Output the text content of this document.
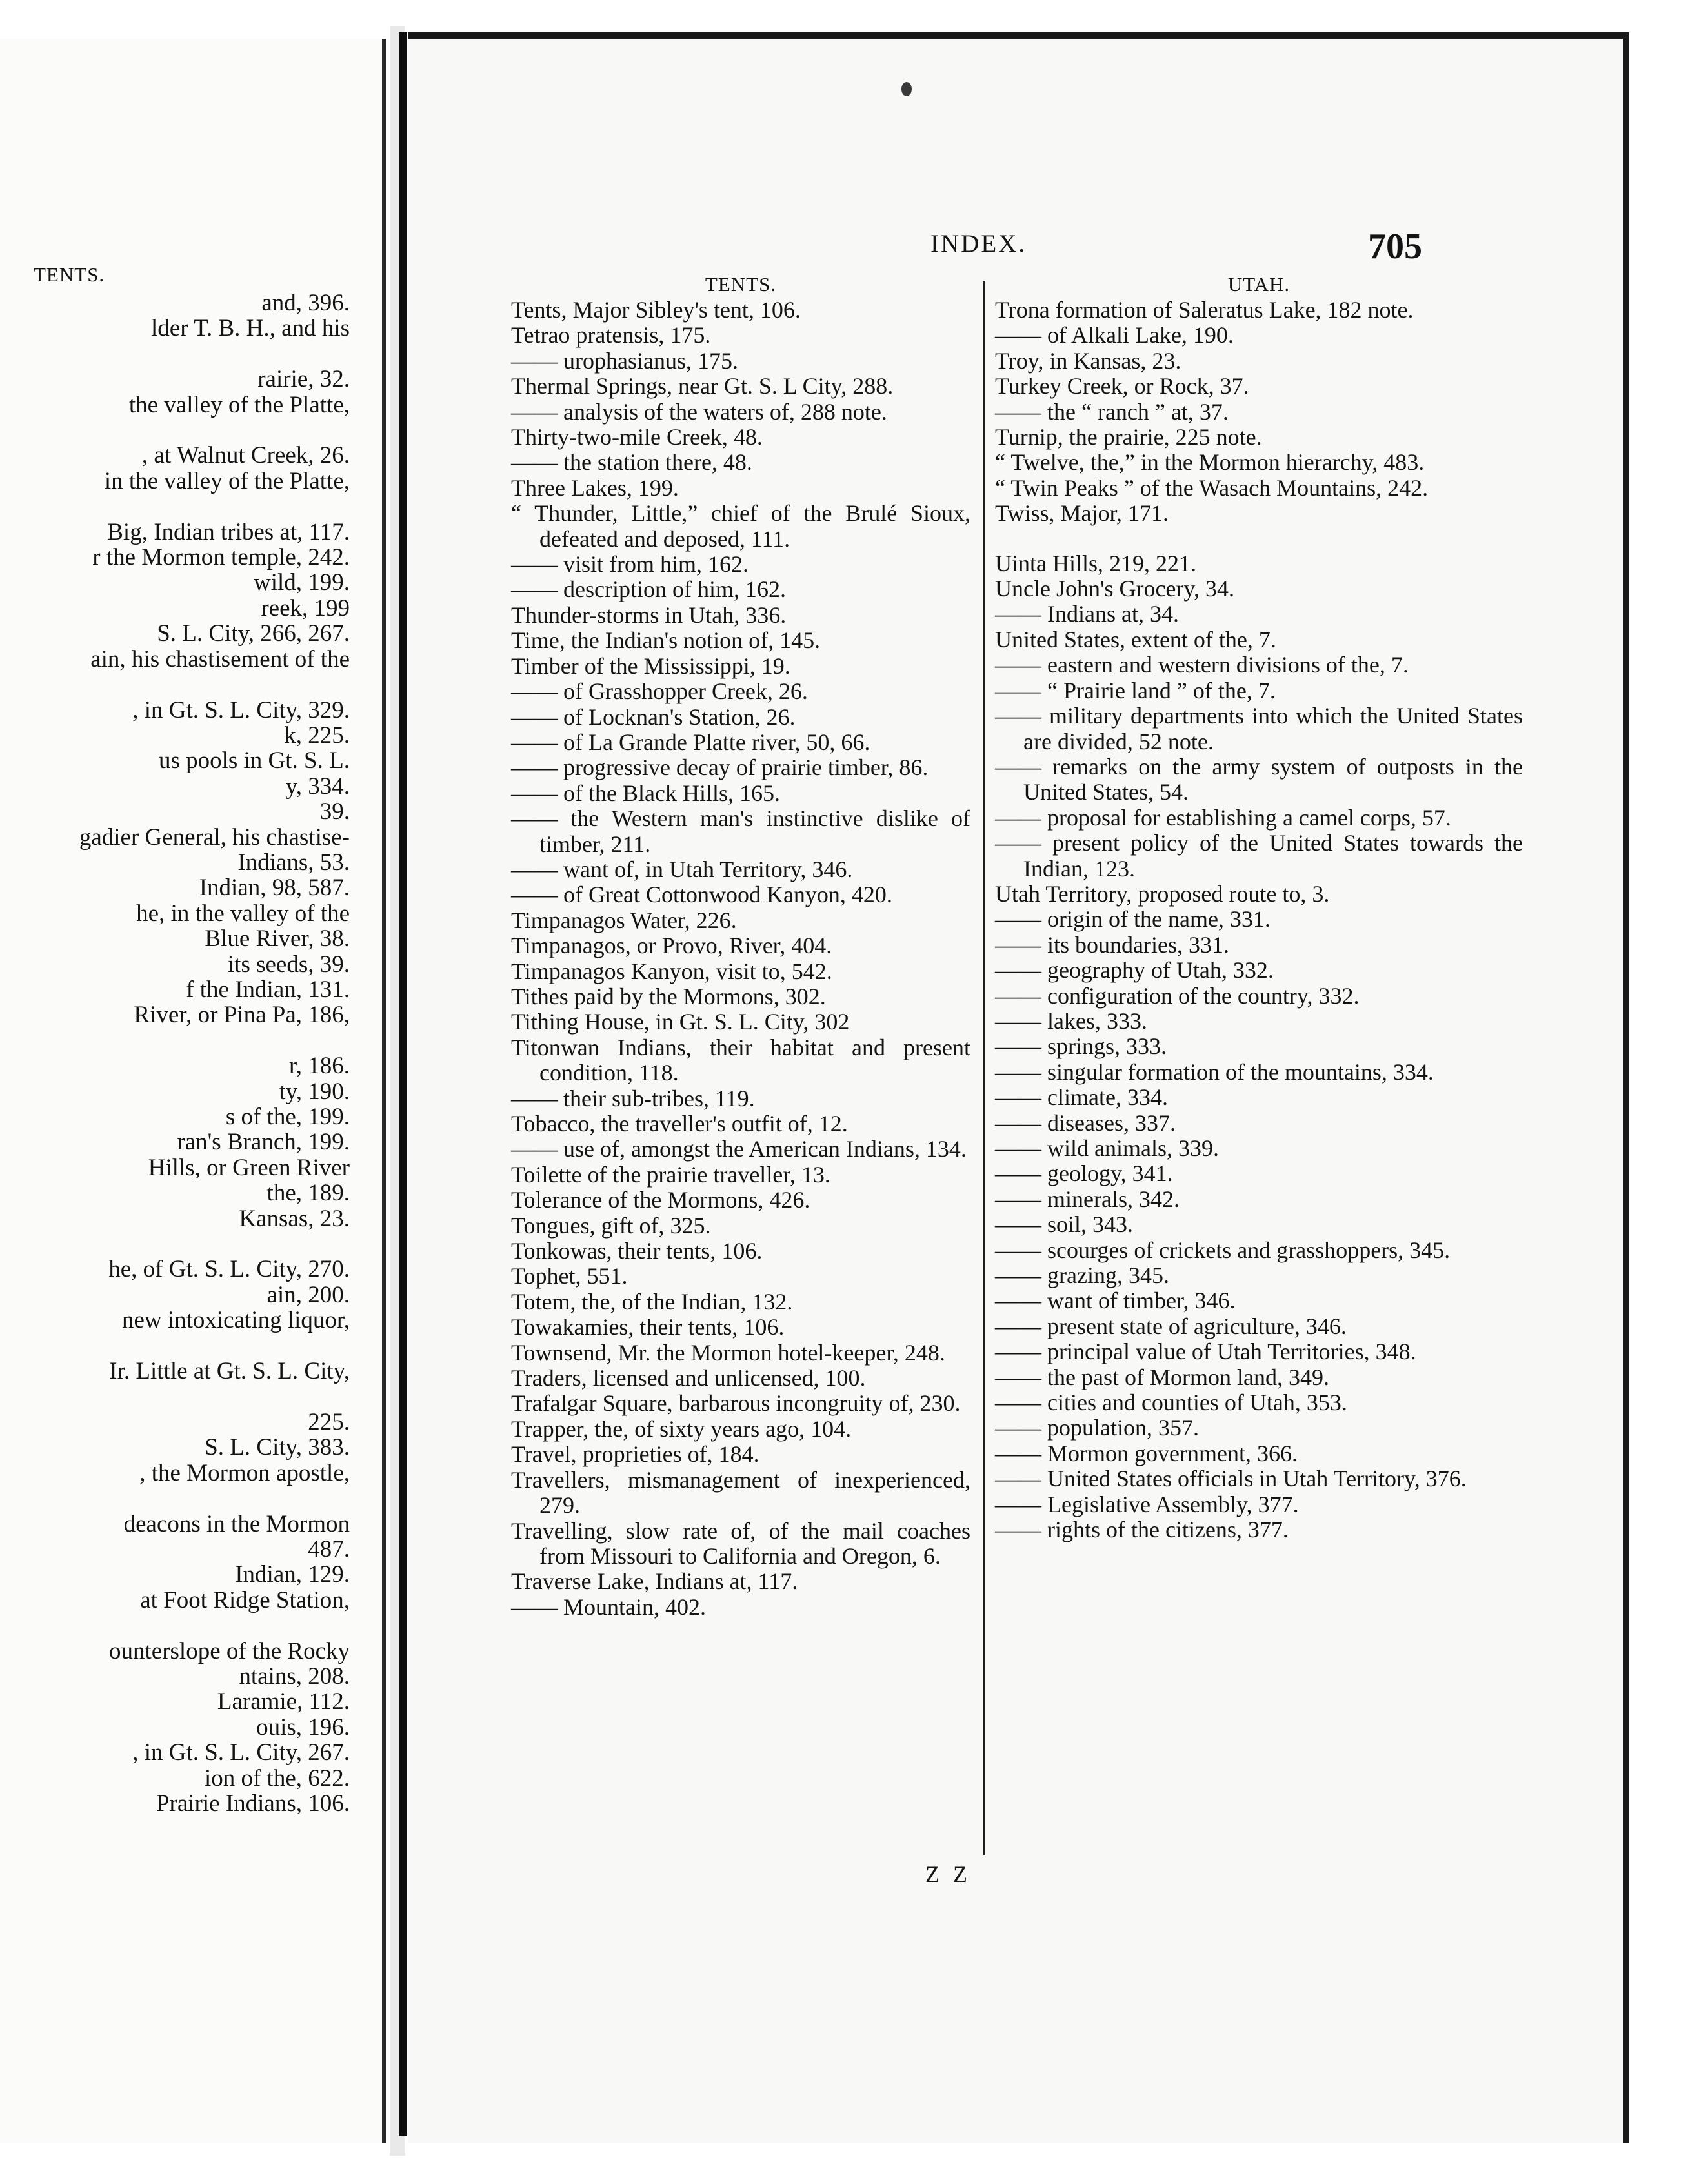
TENTS.
and, 396.
lder T. B. H., and his

rairie, 32.
the valley of the Platte,

, at Walnut Creek, 26.
in the valley of the Platte,

Big, Indian tribes at, 117.
r the Mormon temple, 242.
wild, 199.
reek, 199
S. L. City, 266, 267.
ain, his chastisement of the

, in Gt. S. L. City, 329.
k, 225.
us pools in Gt. S. L.
y, 334.
39.
gadier General, his chastise-
Indians, 53.
Indian, 98, 587.
he, in the valley of the
Blue River, 38.
its seeds, 39.
f the Indian, 131.
River, or Pina Pa, 186,

r, 186.
ty, 190.
s of the, 199.
ran's Branch, 199.
Hills, or Green River
the, 189.
Kansas, 23.

he, of Gt. S. L. City, 270.
ain, 200.
new intoxicating liquor,

Ir. Little at Gt. S. L. City,

225.
S. L. City, 383.
, the Mormon apostle,

deacons in the Mormon
487.
Indian, 129.
at Foot Ridge Station,

ounterslope of the Rocky
ntains, 208.
Laramie, 112.
ouis, 196.
, in Gt. S. L. City, 267.
ion of the, 622.
Prairie Indians, 106.
INDEX.	705
TENTS.
Tents, Major Sibley's tent, 106.
Tetrao pratensis, 175.
—— urophasianus, 175.
Thermal Springs, near Gt. S. L City, 288.
—— analysis of the waters of, 288 note.
Thirty-two-mile Creek, 48.
—— the station there, 48.
Three Lakes, 199.
“ Thunder, Little,” chief of the Brulé Sioux, defeated and deposed, 111.
—— visit from him, 162.
—— description of him, 162.
Thunder-storms in Utah, 336.
Time, the Indian's notion of, 145.
Timber of the Mississippi, 19.
—— of Grasshopper Creek, 26.
—— of Locknan's Station, 26.
—— of La Grande Platte river, 50, 66.
—— progressive decay of prairie timber, 86.
—— of the Black Hills, 165.
—— the Western man's instinctive dislike of timber, 211.
—— want of, in Utah Territory, 346.
—— of Great Cottonwood Kanyon, 420.
Timpanagos Water, 226.
Timpanagos, or Provo, River, 404.
Timpanagos Kanyon, visit to, 542.
Tithes paid by the Mormons, 302.
Tithing House, in Gt. S. L. City, 302
Titonwan Indians, their habitat and present condition, 118.
—— their sub-tribes, 119.
Tobacco, the traveller's outfit of, 12.
—— use of, amongst the American Indians, 134.
Toilette of the prairie traveller, 13.
Tolerance of the Mormons, 426.
Tongues, gift of, 325.
Tonkowas, their tents, 106.
Tophet, 551.
Totem, the, of the Indian, 132.
Towakamies, their tents, 106.
Townsend, Mr. the Mormon hotel-keeper, 248.
Traders, licensed and unlicensed, 100.
Trafalgar Square, barbarous incongruity of, 230.
Trapper, the, of sixty years ago, 104.
Travel, proprieties of, 184.
Travellers, mismanagement of inexperienced, 279.
Travelling, slow rate of, of the mail coaches from Missouri to California and Oregon, 6.
Traverse Lake, Indians at, 117.
—— Mountain, 402.
UTAH.
Trona formation of Saleratus Lake, 182 note.
—— of Alkali Lake, 190.
Troy, in Kansas, 23.
Turkey Creek, or Rock, 37.
—— the “ ranch ” at, 37.
Turnip, the prairie, 225 note.
“ Twelve, the,” in the Mormon hierarchy, 483.
“ Twin Peaks ” of the Wasach Mountains, 242.
Twiss, Major, 171.
Uinta Hills, 219, 221.
Uncle John's Grocery, 34.
—— Indians at, 34.
United States, extent of the, 7.
—— eastern and western divisions of the, 7.
—— “ Prairie land ” of the, 7.
—— military departments into which the United States are divided, 52 note.
—— remarks on the army system of outposts in the United States, 54.
—— proposal for establishing a camel corps, 57.
—— present policy of the United States towards the Indian, 123.
Utah Territory, proposed route to, 3.
—— origin of the name, 331.
—— its boundaries, 331.
—— geography of Utah, 332.
—— configuration of the country, 332.
—— lakes, 333.
—— springs, 333.
—— singular formation of the mountains, 334.
—— climate, 334.
—— diseases, 337.
—— wild animals, 339.
—— geology, 341.
—— minerals, 342.
—— soil, 343.
—— scourges of crickets and grasshoppers, 345.
—— grazing, 345.
—— want of timber, 346.
—— present state of agriculture, 346.
—— principal value of Utah Territories, 348.
—— the past of Mormon land, 349.
—— cities and counties of Utah, 353.
—— population, 357.
—— Mormon government, 366.
—— United States officials in Utah Territory, 376.
—— Legislative Assembly, 377.
—— rights of the citizens, 377.
Z Z
